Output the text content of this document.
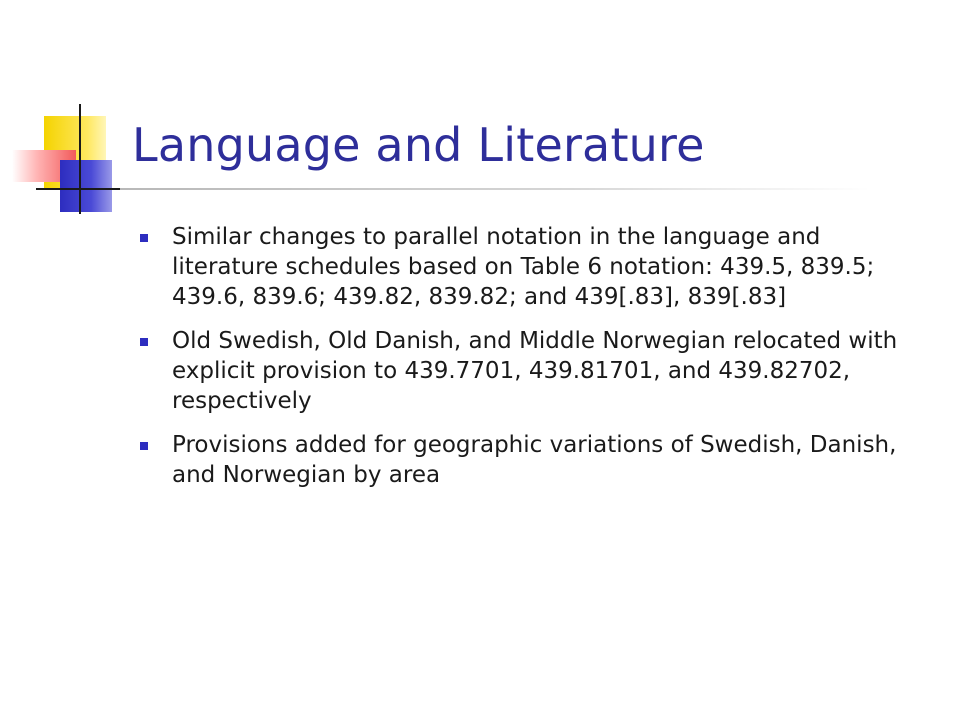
Language and Literature
Similar changes to parallel notation in the language and literature schedules based on Table 6 notation: 439.5, 839.5; 439.6, 839.6; 439.82, 839.82; and 439[.83], 839[.83]
Old Swedish, Old Danish, and Middle Norwegian relocated with explicit provision to 439.7701, 439.81701, and 439.82702, respectively
Provisions added for geographic variations of Swedish, Danish, and Norwegian by area
